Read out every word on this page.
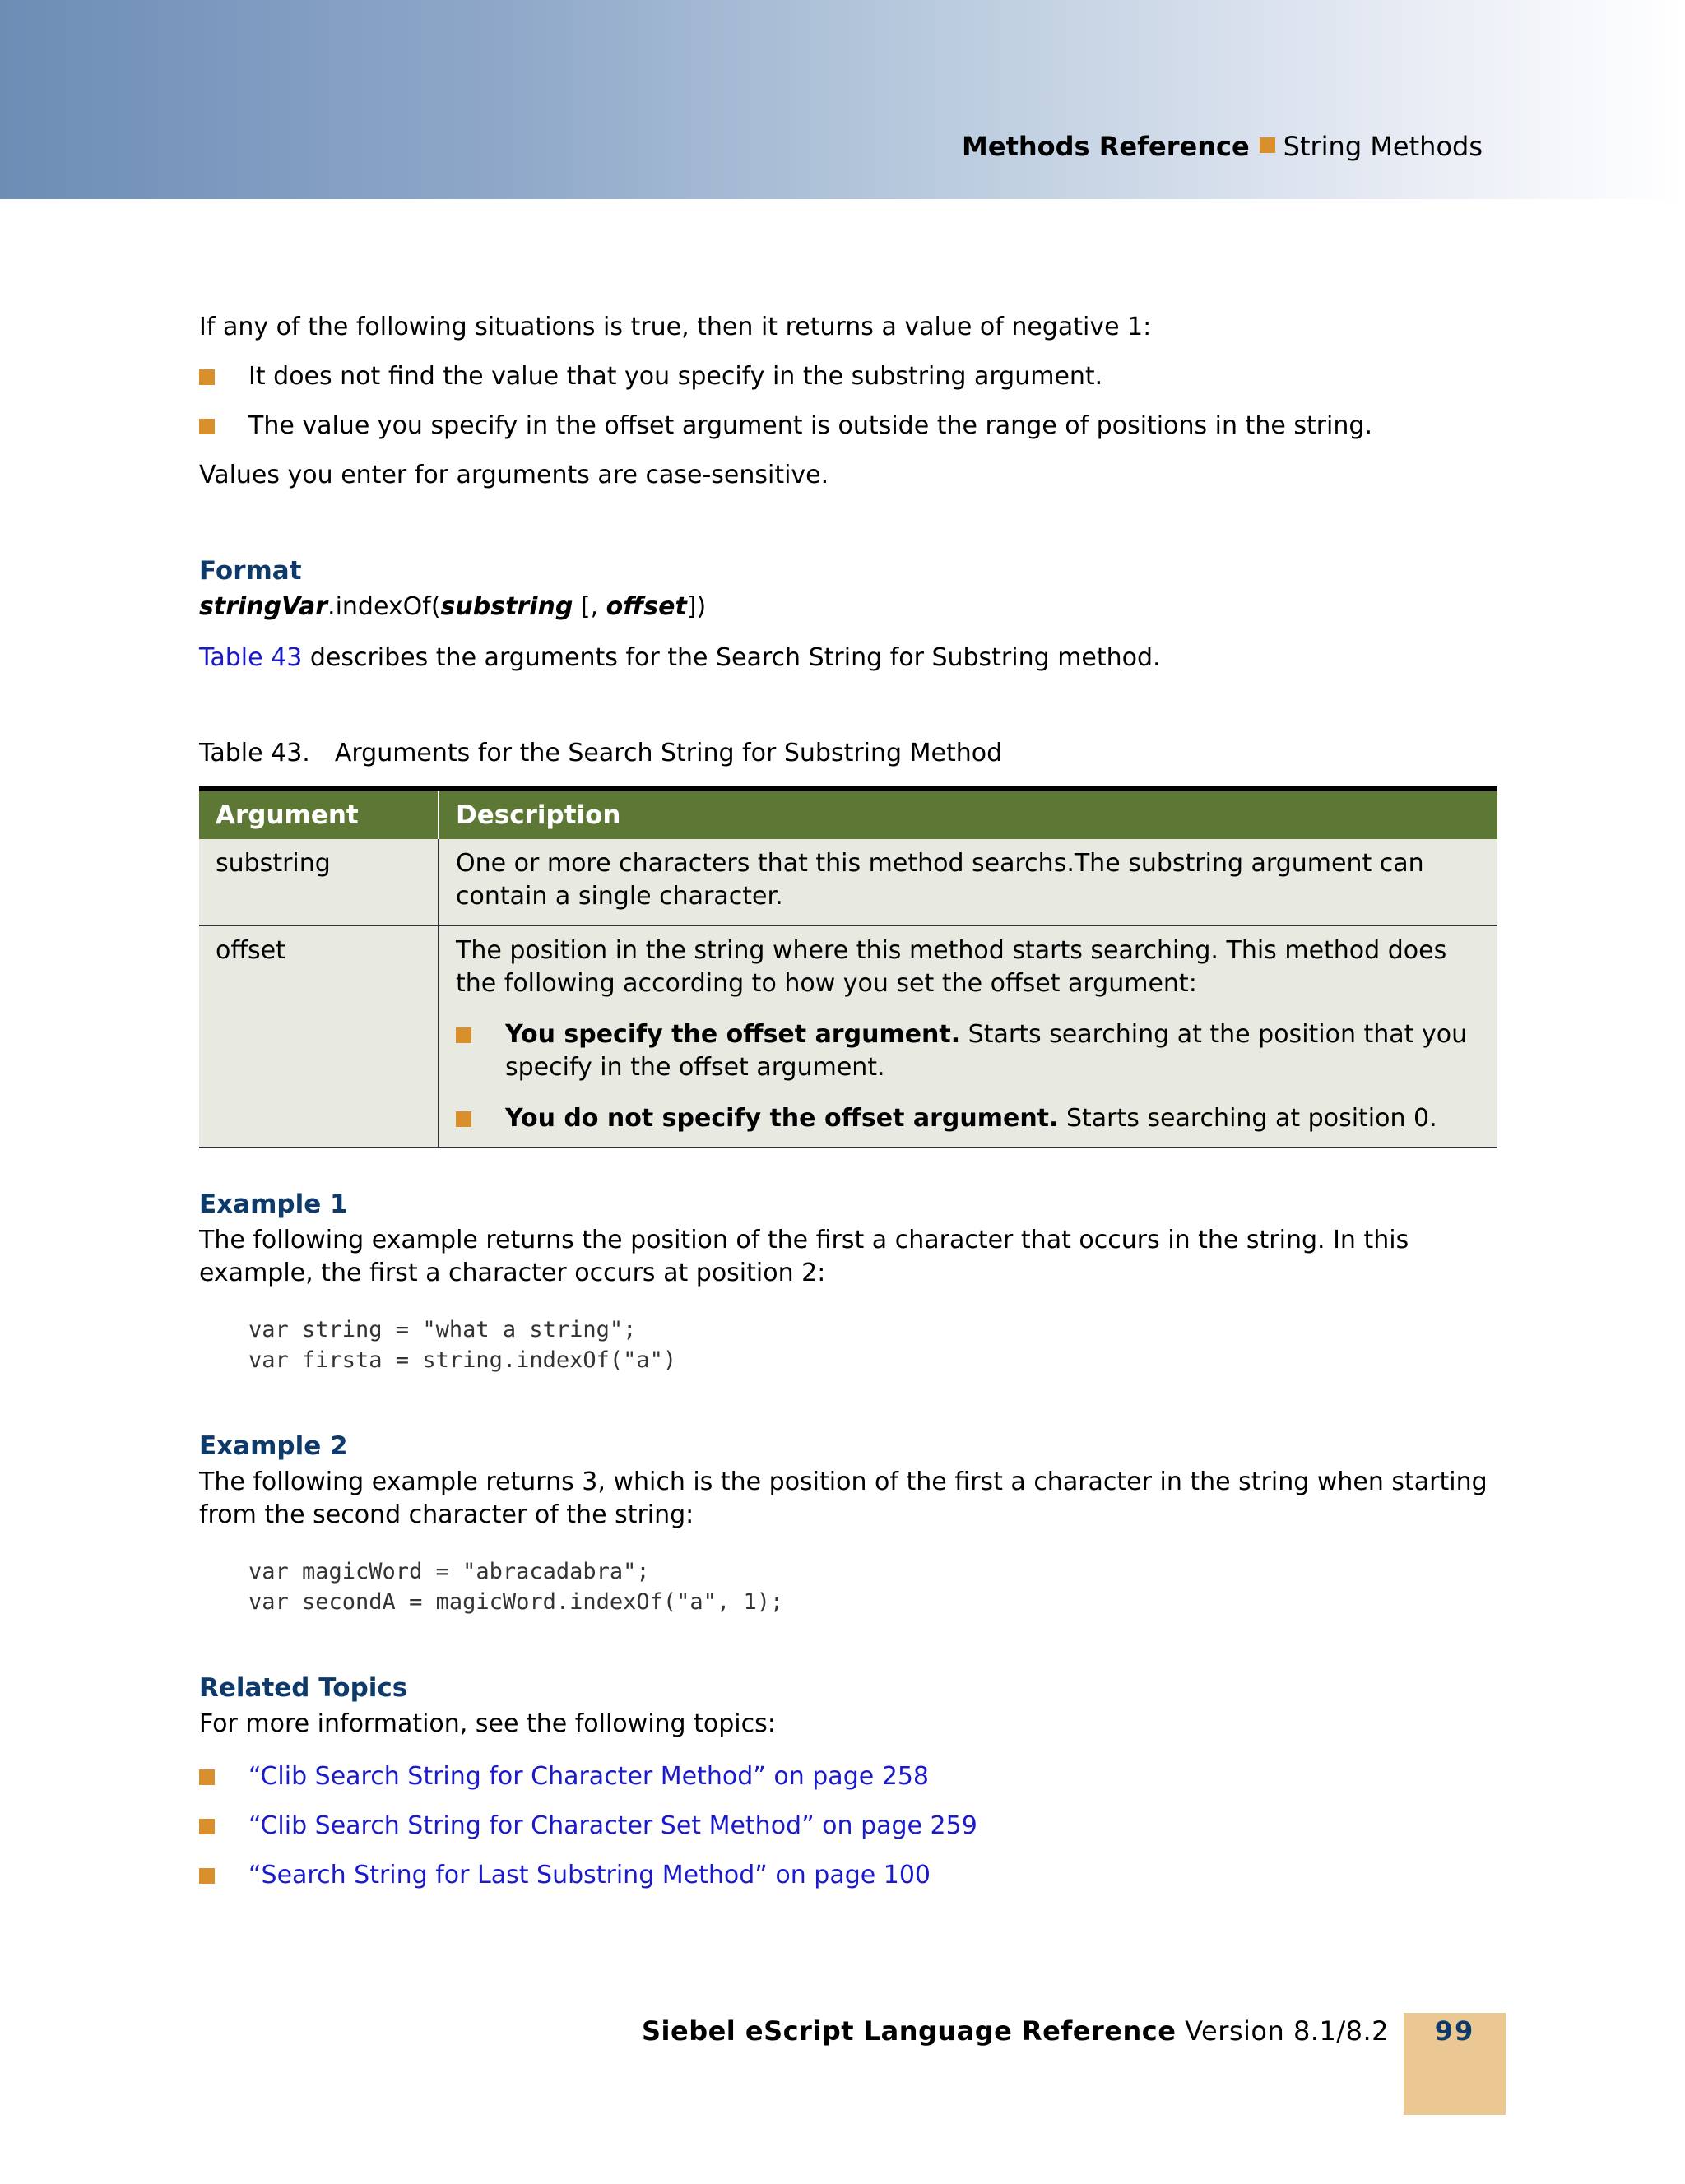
Methods Reference String Methods
If any of the following situations is true, then it returns a value of negative 1:
It does not find the value that you specify in the substring argument.
The value you specify in the offset argument is outside the range of positions in the string.
Values you enter for arguments are case-sensitive.
Format
stringVar.indexOf(substring [, offset])
Table 43 describes the arguments for the Search String for Substring method.
Table 43. Arguments for the Search String for Substring Method

Argument	Description
substring	One or more characters that this method searchs.The substring argument can contain a single character.
offset	The position in the string where this method starts searching. This method does the following according to how you set the offset argument:
You specify the offset argument. Starts searching at the position that you specify in the offset argument.
You do not specify the offset argument. Starts searching at position 0.
Example 1
The following example returns the position of the first a character that occurs in the string. In this example, the first a character occurs at position 2:
var string = "what a string";
var firsta = string.indexOf("a")
Example 2
The following example returns 3, which is the position of the first a character in the string when starting from the second character of the string:
var magicWord = "abracadabra";
var secondA = magicWord.indexOf("a", 1);
Related Topics
For more information, see the following topics:
“Clib Search String for Character Method” on page 258
“Clib Search String for Character Set Method” on page 259
“Search String for Last Substring Method” on page 100
Siebel eScript Language Reference Version 8.1/8.2	99
